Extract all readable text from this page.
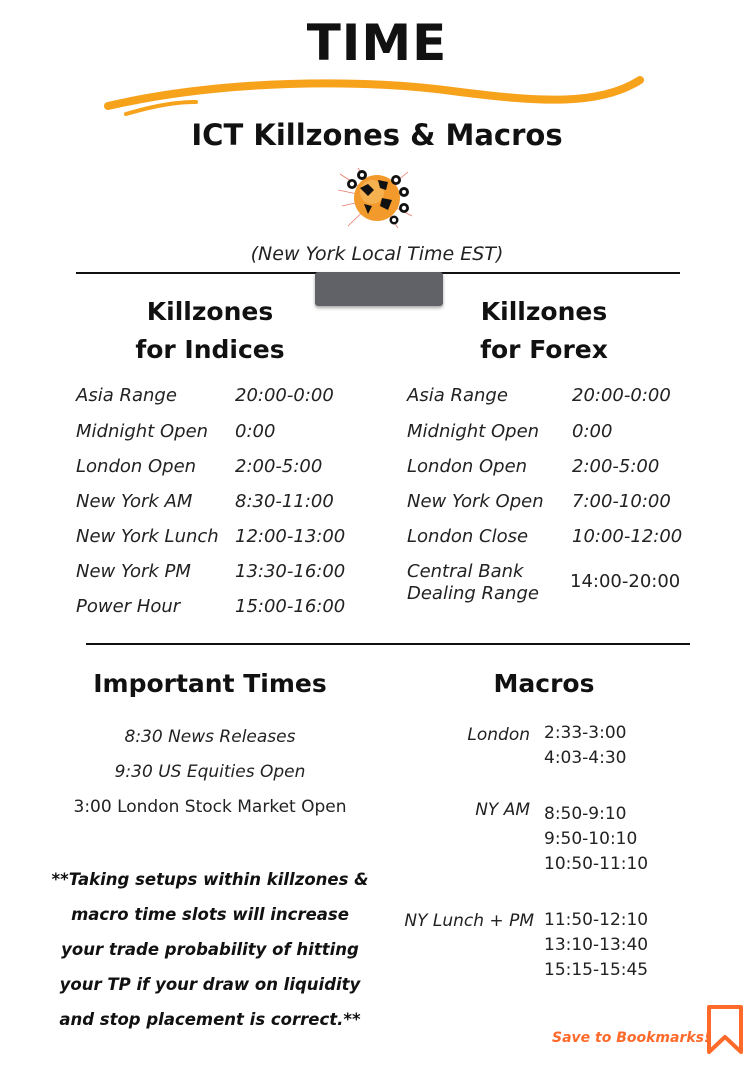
TIME
ICT Killzones & Macros
(New York Local Time EST)
Killzones
for Indices
Asia Range	20:00-0:00
Midnight Open 0:00
London Open 2:00-5:00
New York AM 8:30-11:00
New York Lunch 12:00-13:00
New York PM 13:30-16:00
Power Hour	15:00-16:00
Killzones
for Forex
Asia Range	20:00-0:00
Midnight Open 0:00
London Open 2:00-5:00
New York Open 7:00-10:00
London Close 10:00-12:00
Central Bank
Dealing Range
14:00-20:00
Important Times
8:30 News Releases
9:30 US Equities Open
3:00 London Stock Market Open
**Taking setups within killzones &
macro time slots will increase
your trade probability of hitting
your TP if your draw on liquidity
and stop placement is correct.**
Macros
London 2:33-3:00
4:03-4:30
NY AM 8:50-9:10
9:50-10:10
10:50-11:10
NY Lunch + PM 11:50-12:10
13:10-13:40
15:15-15:45
Save to Bookmarks!
